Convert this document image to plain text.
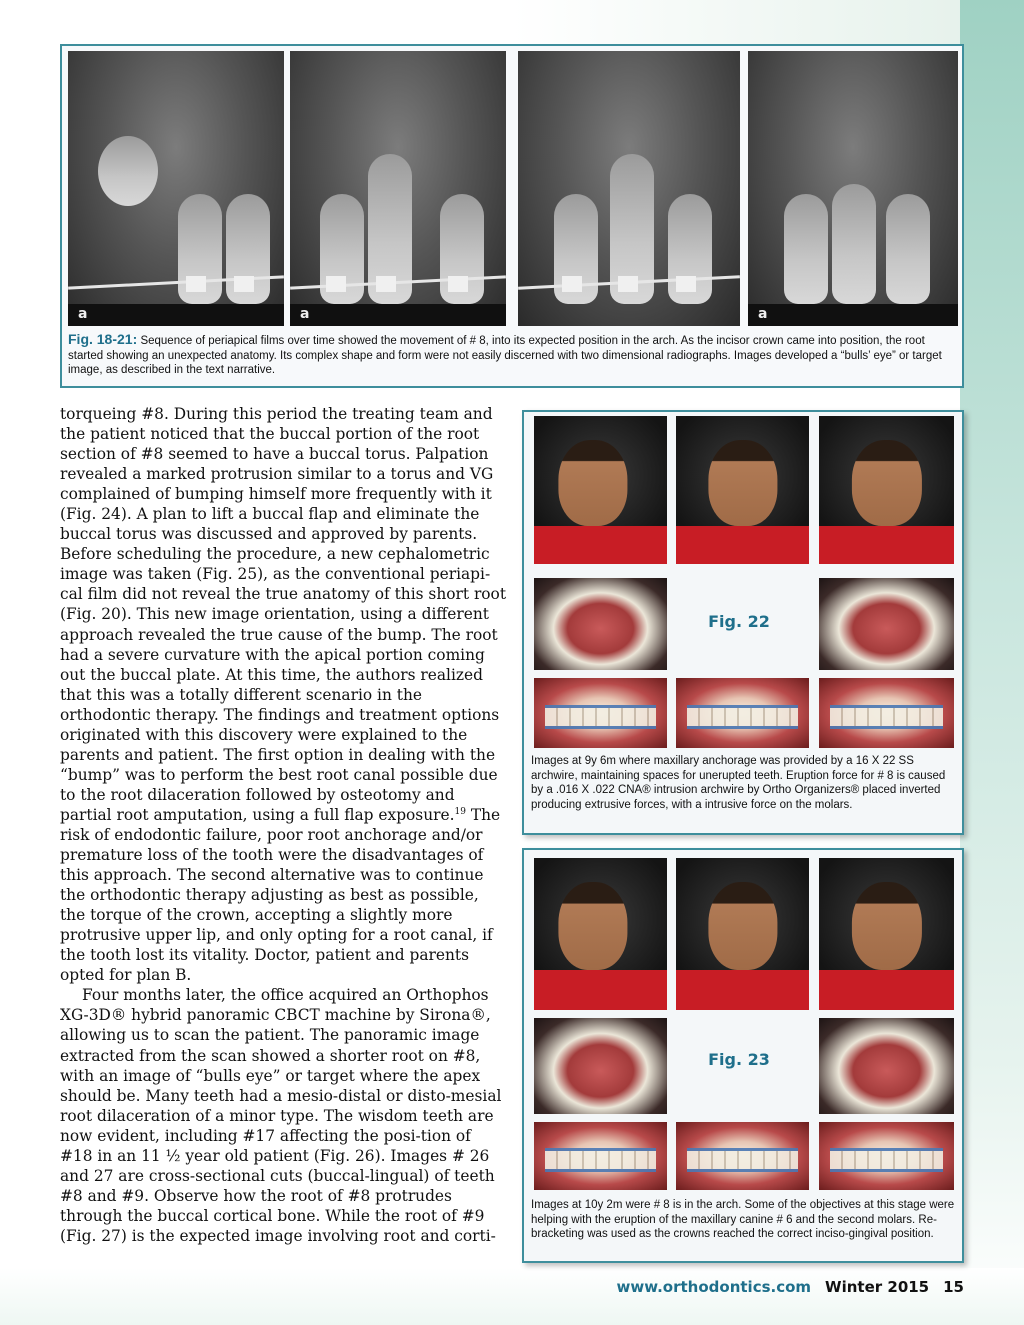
a	a	a
Fig. 18-21: Sequence of periapical films over time showed the movement of # 8, into its expected position in the arch. As the incisor crown came into position, the root started showing an unexpected anatomy. Its complex shape and form were not easily discerned with two dimensional radiographs. Images developed a “bulls’ eye” or target image, as described in the text narrative.

torqueing #8. During this period the treating team and the patient noticed that the buccal portion of the root section of #8 seemed to have a buccal torus. Palpation revealed a marked protrusion similar to a torus and VG complained of bumping himself more frequently with it (Fig. 24). A plan to lift a buccal flap and eliminate the buccal torus was discussed and approved by parents. Before scheduling the procedure, a new cephalometric image was taken (Fig. 25), as the conventional periapi-cal film did not reveal the true anatomy of this short root (Fig. 20). This new image orientation, using a different approach revealed the true cause of the bump. The root had a severe curvature with the apical portion coming out the buccal plate. At this time, the authors realized that this was a totally different scenario in the orthodontic therapy. The findings and treatment options originated with this discovery were explained to the parents and patient. The first option in dealing with the “bump” was to perform the best root canal possible due to the root dilaceration followed by osteotomy and partial root amputation, using a full flap exposure.$^{19}$ The risk of endodontic failure, poor root anchorage and/or premature loss of the tooth were the disadvantages of this approach. The second alternative was to continue the orthodontic therapy adjusting as best as possible, the torque of the crown, accepting a slightly more protrusive upper lip, and only opting for a root canal, if the tooth lost its vitality. Doctor, patient and parents opted for plan B.

Four months later, the office acquired an Orthophos XG-3D® hybrid panoramic CBCT machine by Sirona®, allowing us to scan the patient. The panoramic image extracted from the scan showed a shorter root on #8, with an image of “bulls eye” or target where the apex should be. Many teeth had a mesio-distal or disto-mesial root dilaceration of a minor type. The wisdom teeth are now evident, including #17 affecting the posi-tion of #18 in an 11 ½ year old patient (Fig. 26). Images # 26 and 27 are cross-sectional cuts (buccal-lingual) of teeth #8 and #9. Observe how the root of #8 protrudes through the buccal cortical bone. While the root of #9 (Fig. 27) is the expected image involving root and corti-

Fig. 22
Images at 9y 6m where maxillary anchorage was provided by a 16 X 22 SS archwire, maintaining spaces for unerupted teeth. Eruption force for # 8 is caused by a .016 X .022 CNA® intrusion archwire by Ortho Organizers® placed inverted producing extrusive forces, with a intrusive force on the molars.
Fig. 23
Images at 10y 2m were # 8 is in the arch. Some of the objectives at this stage were helping with the eruption of the maxillary canine # 6 and the second molars. Re-bracketing was used as the crowns reached the correct inciso-gingival position.
www.orthodontics.com Winter 2015 15
